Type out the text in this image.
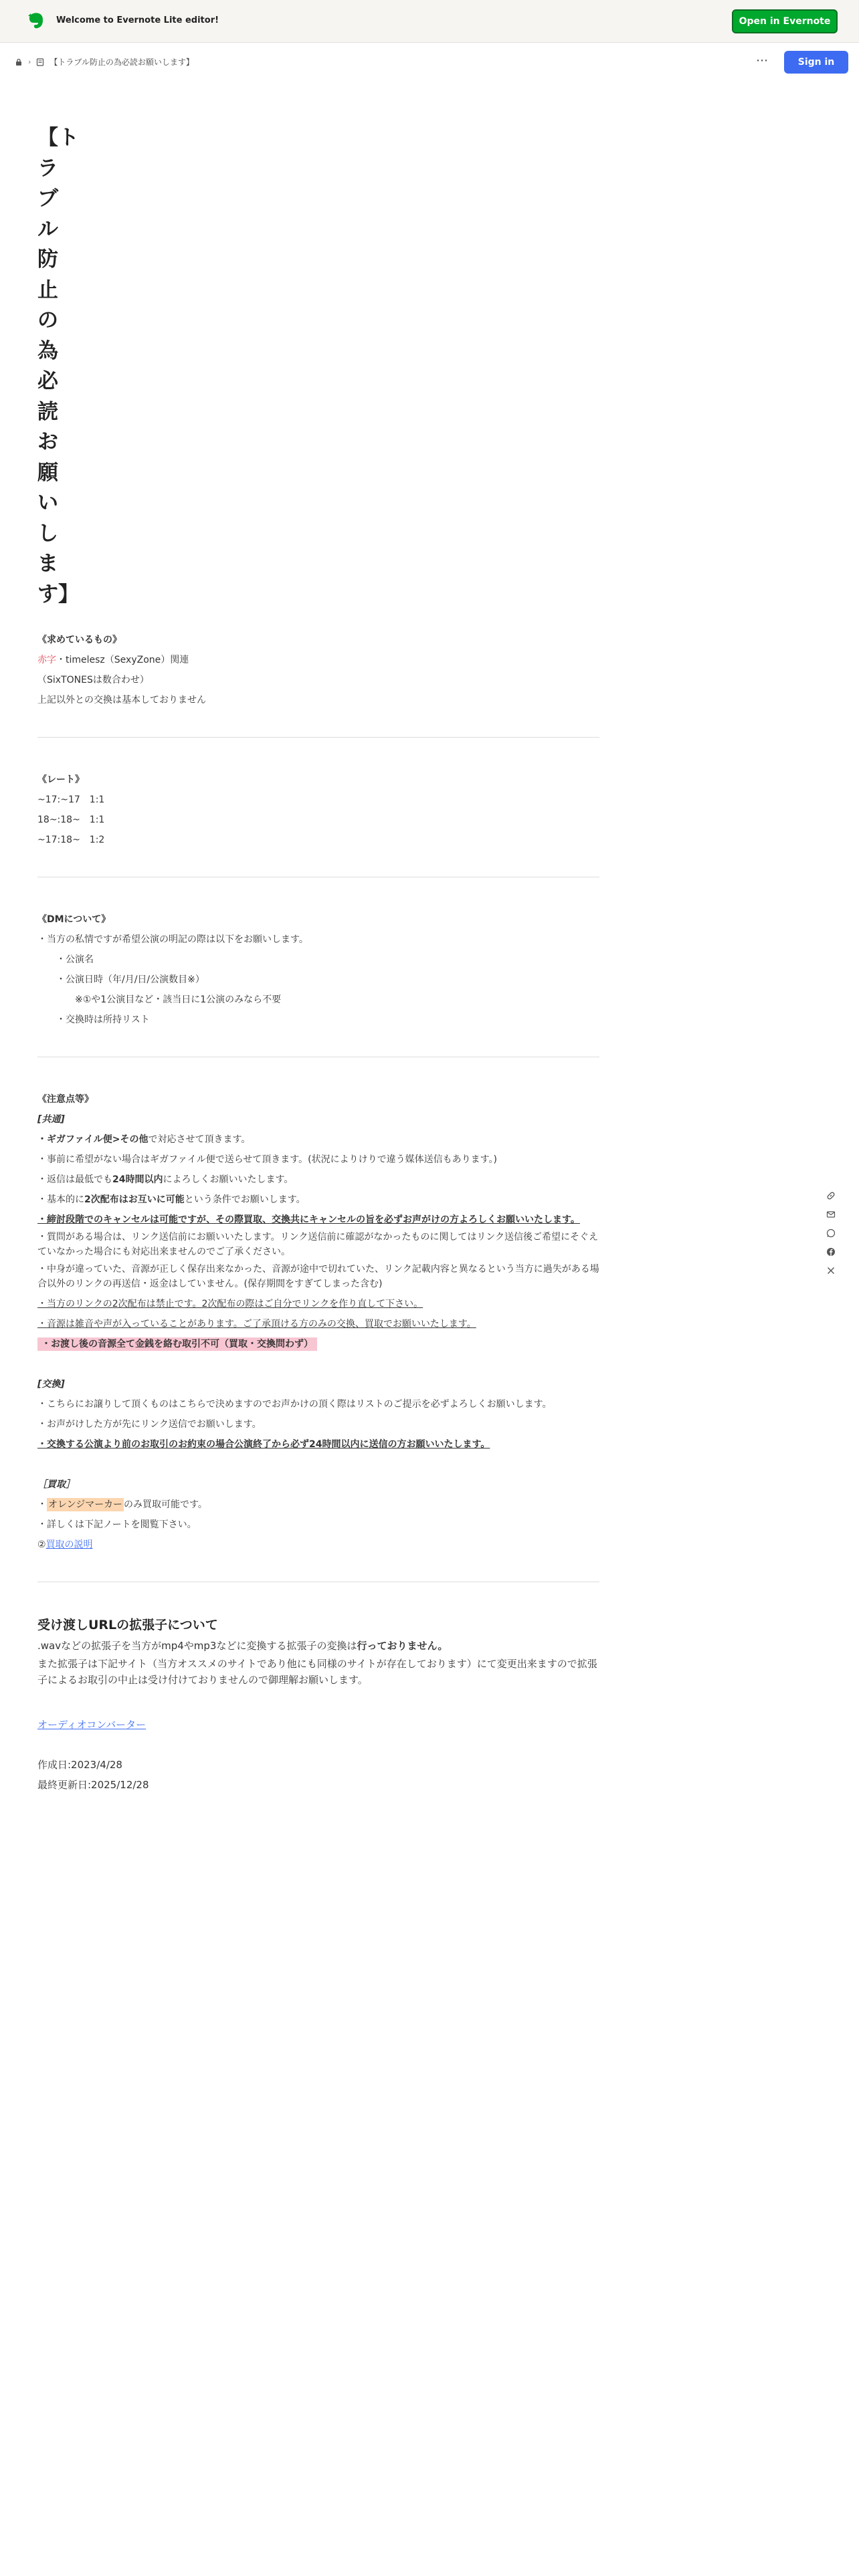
Welcome to Evernote Lite editor!	Open in Evernote
› 【トラブル防止の為必読お願いします】	⋯	Sign in
【トラブル防止の為必読お願いします】

《求めているもの》

赤字・timelesz（SexyZone）関連

（SixTONESは数合わせ）

上記以外との交換は基本しておりません

《レート》

~17:~17　1:1

18~:18~　1:1

~17:18~　1:2

《DMについて》

・当方の私情ですが希望公演の明記の際は以下をお願いします。

・公演名

・公演日時（年/月/日/公演数目※）

※①や1公演目など・該当日に1公演のみなら不要

・交換時は所持リスト

《注意点等》

[共通]

・ギガファイル便>その他で対応させて頂きます。

・事前に希望がない場合はギガファイル便で送らせて頂きます。(状況によりけりで違う媒体送信もあります。)

・返信は最低でも24時間以内によろしくお願いいたします。

・基本的に2次配布はお互いに可能という条件でお願いします。

・締討段階でのキャンセルは可能ですが、その際買取、交換共にキャンセルの旨を必ずお声がけの方よろしくお願いいたします。

・質問がある場合は、リンク送信前にお願いいたします。リンク送信前に確認がなかったものに関してはリンク送信後ご希望にそぐえていなかった場合にも対応出来ませんのでご了承ください。

・中身が違っていた、音源が正しく保存出来なかった、音源が途中で切れていた、リンク記載内容と異なるという当方に過失がある場合以外のリンクの再送信・返金はしていません。(保存期間をすぎてしまった含む)

・当方のリンクの2次配布は禁止です。2次配布の際はご自分でリンクを作り直して下さい。

・音源は雑音や声が入っていることがあります。ご了承頂ける方のみの交換、買取でお願いいたします。

・お渡し後の音源全て金銭を絡む取引不可（買取・交換問わず）

[交換]

・こちらにお譲りして頂くものはこちらで決めますのでお声かけの頂く際はリストのご提示を必ずよろしくお願いします。

・お声がけした方が先にリンク送信でお願いします。

・交換する公演より前のお取引のお約束の場合公演終了から必ず24時間以内に送信の方お願いいたします。

［買取］

・ オレンジマーカー のみ買取可能です。

・詳しくは下記ノートを閲覧下さい。

②買取の説明

受け渡しURLの拡張子について

.wavなどの拡張子を当方がmp4やmp3などに変換する拡張子の変換は行っておりません。

また拡張子は下記サイト（当方オススメのサイトであり他にも同様のサイトが存在しております）にて変更出来ますので拡張子によるお取引の中止は受け付けておりませんので御理解お願いします。

オーディオコンバーター

作成日:2023/4/28

最終更新日:2025/12/28
